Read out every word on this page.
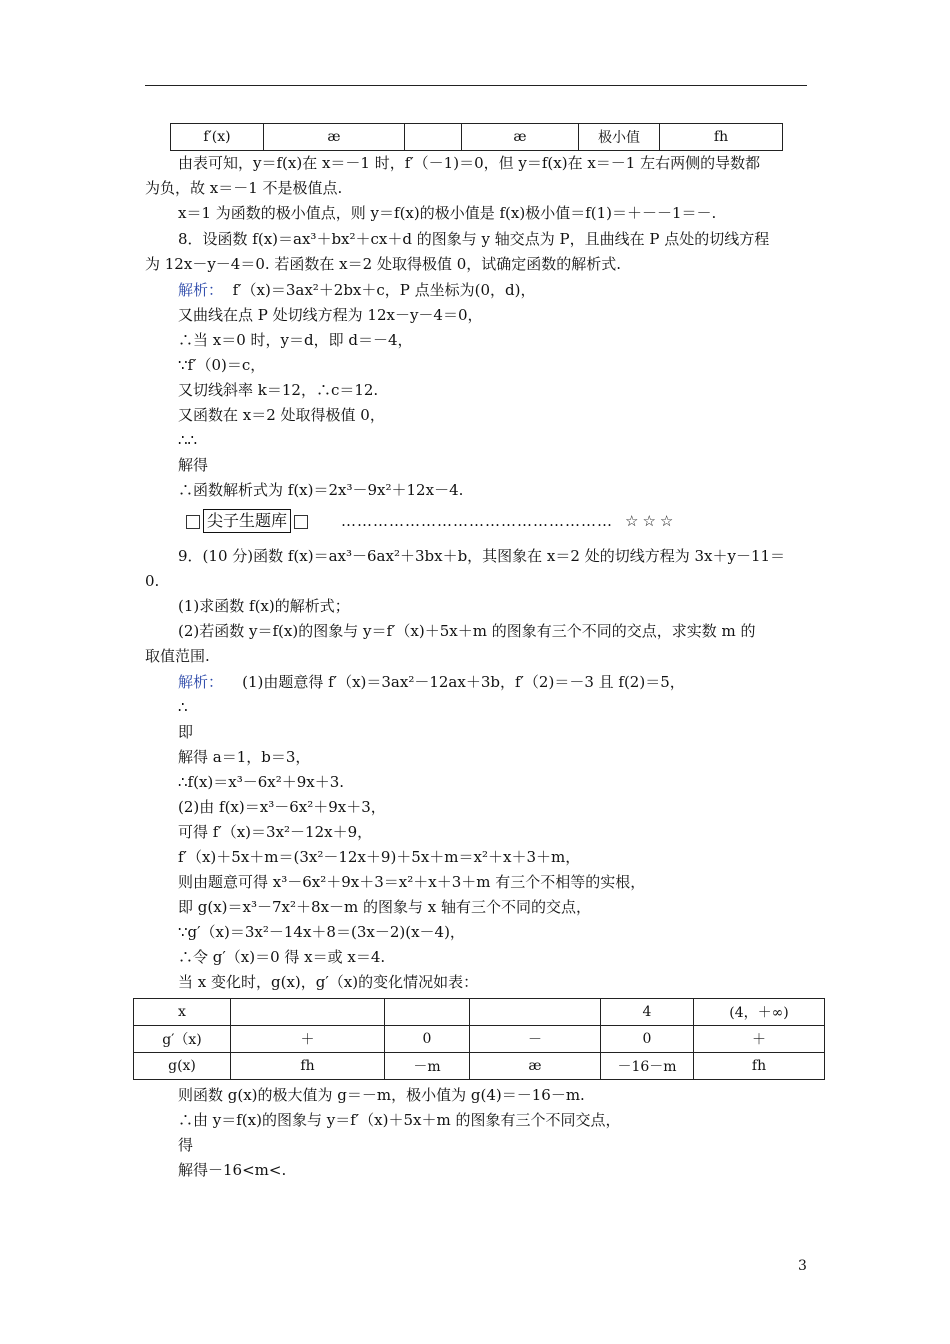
f′(x)	æ		æ	极小值	fh
由表可知，y＝f(x)在 x＝－1 时，f′（－1)＝0，但 y＝f(x)在 x＝－1 左右两侧的导数都
为负，故 x＝－1 不是极值点.
x＝1 为函数的极小值点，则 y＝f(x)的极小值是 f(x)极小值＝f(1)＝＋－－1＝－.
8．设函数 f(x)＝ax³＋bx²＋cx＋d 的图象与 y 轴交点为 P，且曲线在 P 点处的切线方程
为 12x－y－4＝0. 若函数在 x＝2 处取得极值 0，试确定函数的解析式.
解析： f′（x)＝3ax²＋2bx＋c，P 点坐标为(0，d)，
又曲线在点 P 处切线方程为 12x－y－4＝0，
∴当 x＝0 时，y＝d，即 d＝－4，
∵f′（0)＝c，
又切线斜率 k＝12，∴c＝12.
又函数在 x＝2 处取得极值 0，
∴∴
解得
∴函数解析式为 f(x)＝2x³－9x²＋12x－4.
尖子生题库	…………………………………………… ☆☆☆
9．(10 分)函数 f(x)＝ax³－6ax²＋3bx＋b，其图象在 x＝2 处的切线方程为 3x＋y－11＝
0.
(1)求函数 f(x)的解析式；
(2)若函数 y＝f(x)的图象与 y＝f′（x)＋5x＋m 的图象有三个不同的交点，求实数 m 的
取值范围.
解析： (1)由题意得 f′（x)＝3ax²－12ax＋3b，f′（2)＝－3 且 f(2)＝5，
∴
即
解得 a＝1，b＝3，
∴f(x)＝x³－6x²＋9x＋3.
(2)由 f(x)＝x³－6x²＋9x＋3，
可得 f′（x)＝3x²－12x＋9，
f′（x)＋5x＋m＝(3x²－12x＋9)＋5x＋m＝x²＋x＋3＋m，
则由题意可得 x³－6x²＋9x＋3＝x²＋x＋3＋m 有三个不相等的实根，
即 g(x)＝x³－7x²＋8x－m 的图象与 x 轴有三个不同的交点，
∵g′（x)＝3x²－14x＋8＝(3x－2)(x－4)，
∴令 g′（x)＝0 得 x＝或 x＝4.
当 x 变化时，g(x)，g′（x)的变化情况如表：
x				4	(4，＋∞)
g′（x)	＋	0	－	0	＋
g(x)	fh	－m	æ	－16－m	fh
则函数 g(x)的极大值为 g＝－m，极小值为 g(4)＝－16－m.
∴由 y＝f(x)的图象与 y＝f′（x)＋5x＋m 的图象有三个不同交点，
得
解得－16<m<.
3
